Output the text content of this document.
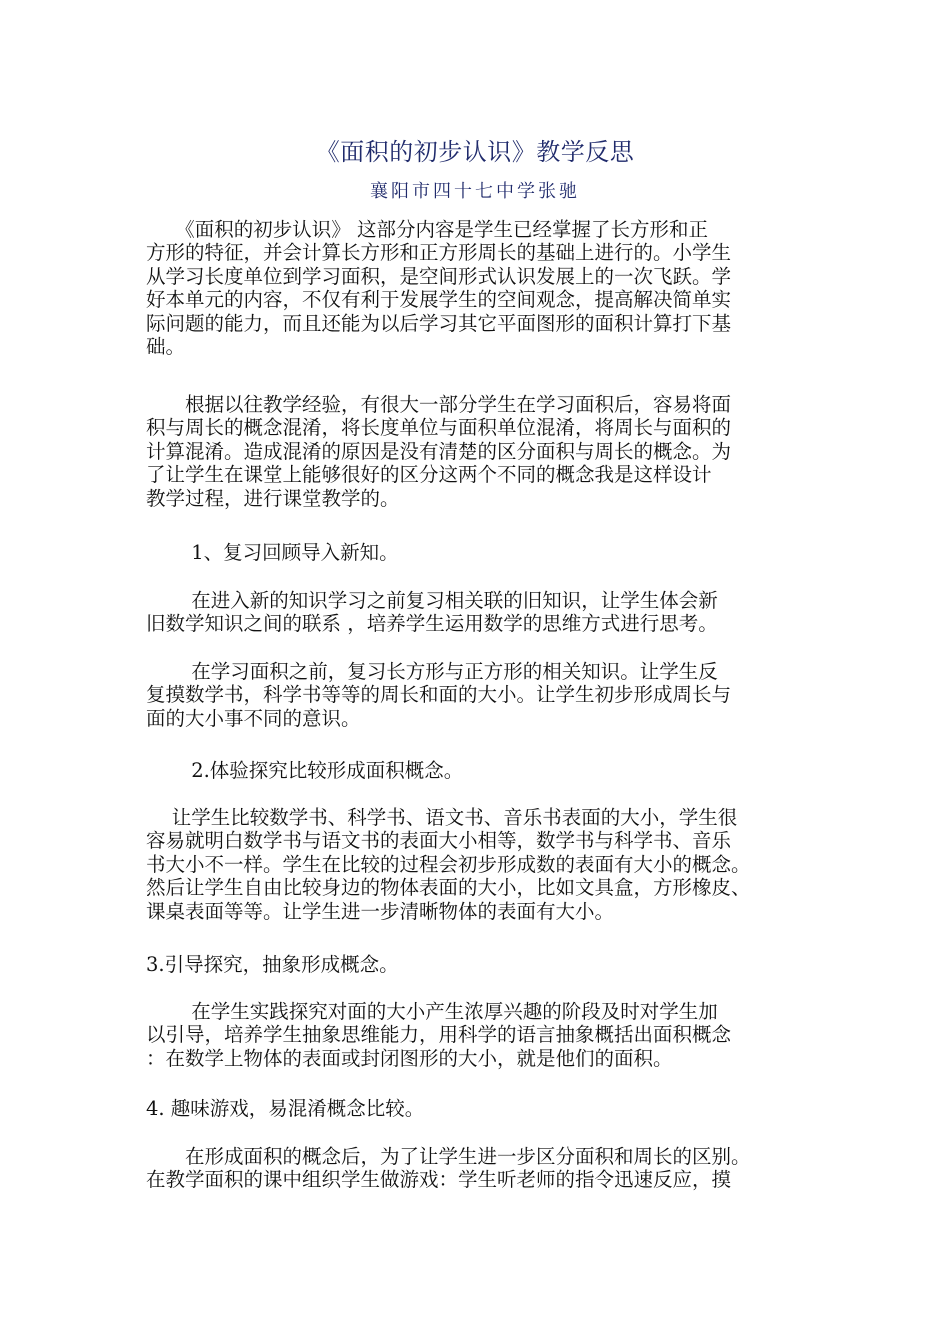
《面积的初步认识》教学反思
襄阳市四十七中学张驰

　　《面积的初步认识》 这部分内容是学生已经掌握了长方形和正
方形的特征，并会计算长方形和正方形周长的基础上进行的。小学生
从学习长度单位到学习面积，是空间形式认识发展上的一次飞跃。学
好本单元的内容，不仅有利于发展学生的空间观念，提高解决简单实
际问题的能力，而且还能为以后学习其它平面图形的面积计算打下基
础。

　　根据以往教学经验，有很大一部分学生在学习面积后，容易将面
积与周长的概念混淆，将长度单位与面积单位混淆，将周长与面积的
计算混淆。造成混淆的原因是没有清楚的区分面积与周长的概念。为
了让学生在课堂上能够很好的区分这两个不同的概念我是这样设计
教学过程，进行课堂教学的。

　　 1、复习回顾导入新知。

　　 在进入新的知识学习之前复习相关联的旧知识，让学生体会新
旧数学知识之间的联系 ，培养学生运用数学的思维方式进行思考。

　　 在学习面积之前，复习长方形与正方形的相关知识。让学生反
复摸数学书，科学书等等的周长和面的大小。让学生初步形成周长与
面的大小事不同的意识。

　　 2.体验探究比较形成面积概念。

　 让学生比较数学书、科学书、语文书、音乐书表面的大小，学生很
容易就明白数学书与语文书的表面大小相等，数学书与科学书、音乐
书大小不一样。学生在比较的过程会初步形成数的表面有大小的概念。
然后让学生自由比较身边的物体表面的大小，比如文具盒，方形橡皮、
课桌表面等等。让学生进一步清晰物体的表面有大小。

3.引导探究，抽象形成概念。

　　 在学生实践探究对面的大小产生浓厚兴趣的阶段及时对学生加
以引导，培养学生抽象思维能力，用科学的语言抽象概括出面积概念
：在数学上物体的表面或封闭图形的大小，就是他们的面积。

4. 趣味游戏，易混淆概念比较。

　　在形成面积的概念后，为了让学生进一步区分面积和周长的区别。
在教学面积的课中组织学生做游戏：学生听老师的指令迅速反应，摸
